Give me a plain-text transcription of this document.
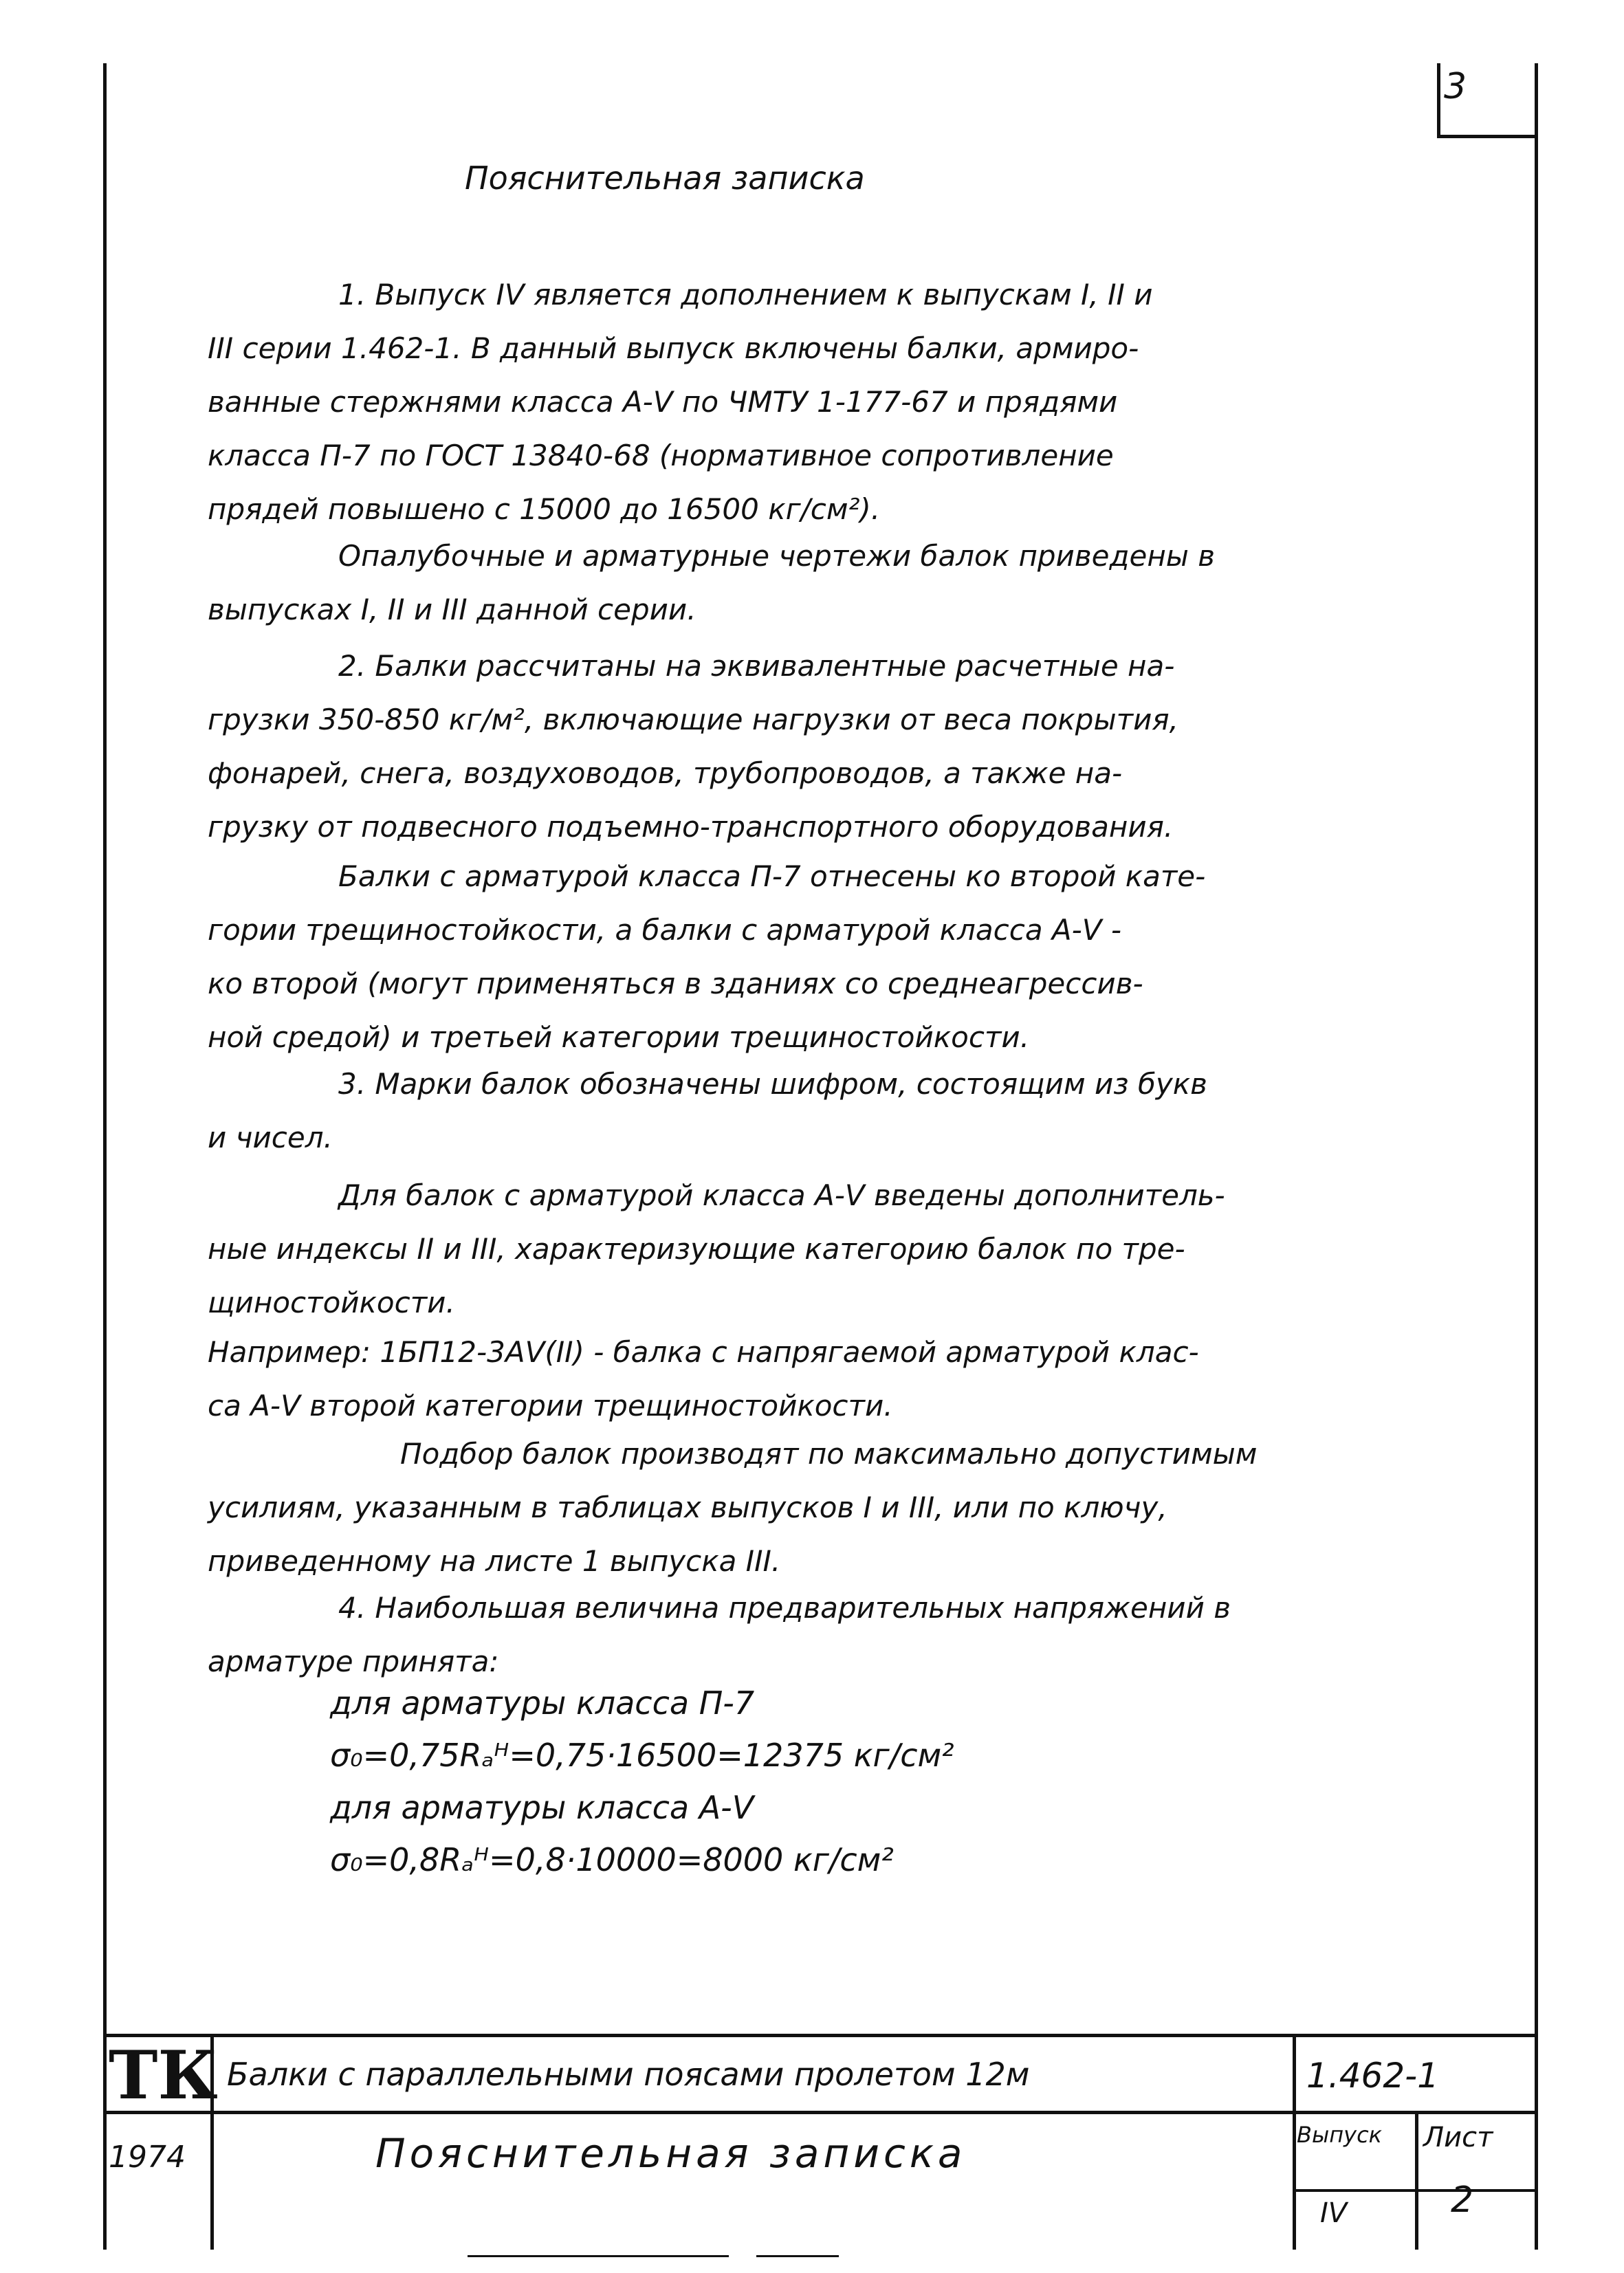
3
Пояснительная записка

1. Выпуск IV является дополнением к выпускам I, II и
III серии 1.462-1. В данный выпуск включены балки, армиро-
ванные стержнями класса А-V по ЧМТУ 1-177-67 и прядями
класса П-7 по ГОСТ 13840-68 (нормативное сопротивление
прядей повышено с 15000 до 16500 кг/см²).

Опалубочные и арматурные чертежи балок приведены в
выпусках I, II и III данной серии.

2. Балки рассчитаны на эквивалентные расчетные на-
грузки 350-850 кг/м², включающие нагрузки от веса покрытия,
фонарей, снега, воздуховодов, трубопроводов, а также на-
грузку от подвесного подъемно-транспортного оборудования.

Балки с арматурой класса П-7 отнесены ко второй кате-
гории трещиностойкости, а балки с арматурой класса А-V -
ко второй (могут применяться в зданиях со среднеагрессив-
ной средой) и третьей категории трещиностойкости.

3. Марки балок обозначены шифром, состоящим из букв
и чисел.

Для балок с арматурой класса А-V введены дополнитель-
ные индексы II и III, характеризующие категорию балок по тре-
щиностойкости.

Например: 1БП12-3АV(II) - балка с напрягаемой арматурой клас-
са А-V второй категории трещиностойкости.

Подбор балок производят по максимально допустимым
усилиям, указанным в таблицах выпусков I и III, или по ключу,
приведенному на листе 1 выпуска III.

4. Наибольшая величина предварительных напряжений в
арматуре принята:

для арматуры класса П-7
σ₀=0,75Rₐᴴ=0,75·16500=12375 кг/см²
для арматуры класса А-V
σ₀=0,8Rₐᴴ=0,8·10000=8000 кг/см²
ТК Балки с параллельными поясами пролетом 12м	1.462-1
1974	Пояснительная записка	Выпуск
IV
Лист
2
